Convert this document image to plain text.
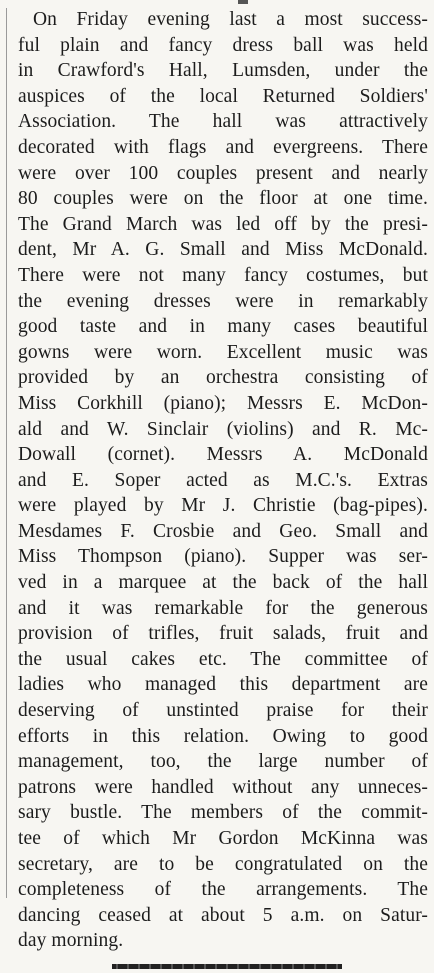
On Friday evening last a most success-
ful plain and fancy dress ball was held
in Crawford's Hall, Lumsden, under the
auspices of the local Returned Soldiers'
Association. The hall was attractively
decorated with flags and evergreens. There
were over 100 couples present and nearly
80 couples were on the floor at one time.
The Grand March was led off by the presi-
dent, Mr A. G. Small and Miss McDonald.
There were not many fancy costumes, but
the evening dresses were in remarkably
good taste and in many cases beautiful
gowns were worn. Excellent music was
provided by an orchestra consisting of
Miss Corkhill (piano); Messrs E. McDon-
ald and W. Sinclair (violins) and R. Mc-
Dowall (cornet). Messrs A. McDonald
and E. Soper acted as M.C.'s. Extras
were played by Mr J. Christie (bag-pipes).
Mesdames F. Crosbie and Geo. Small and
Miss Thompson (piano). Supper was ser-
ved in a marquee at the back of the hall
and it was remarkable for the generous
provision of trifles, fruit salads, fruit and
the usual cakes etc. The committee of
ladies who managed this department are
deserving of unstinted praise for their
efforts in this relation. Owing to good
management, too, the large number of
patrons were handled without any unneces-
sary bustle. The members of the commit-
tee of which Mr Gordon McKinna was
secretary, are to be congratulated on the
completeness of the arrangements. The
dancing ceased at about 5 a.m. on Satur-
day morning.
